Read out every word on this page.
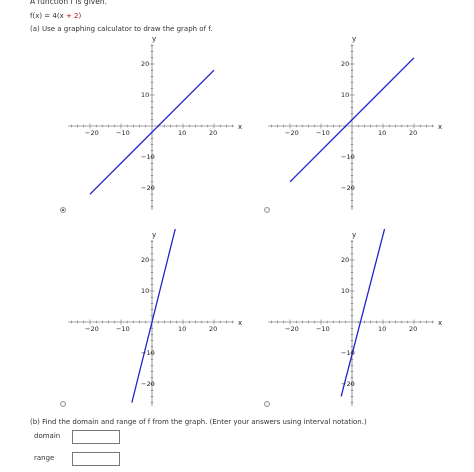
A function f is given.
f(x) = 4(x + 2)
(a) Use a graphing calculator to draw the graph of f.
y
x
−20	−10	10	20
20
10
−10
−20
y
x
−20	−10	10	20
20
10
−10
−20
y
x
−20	−10	10	20
20
10
−10
−20
y
x
−20	−10	10	20
20
10
−10
−20
(b) Find the domain and range of f from the graph. (Enter your answers using interval notation.)
domain
range
